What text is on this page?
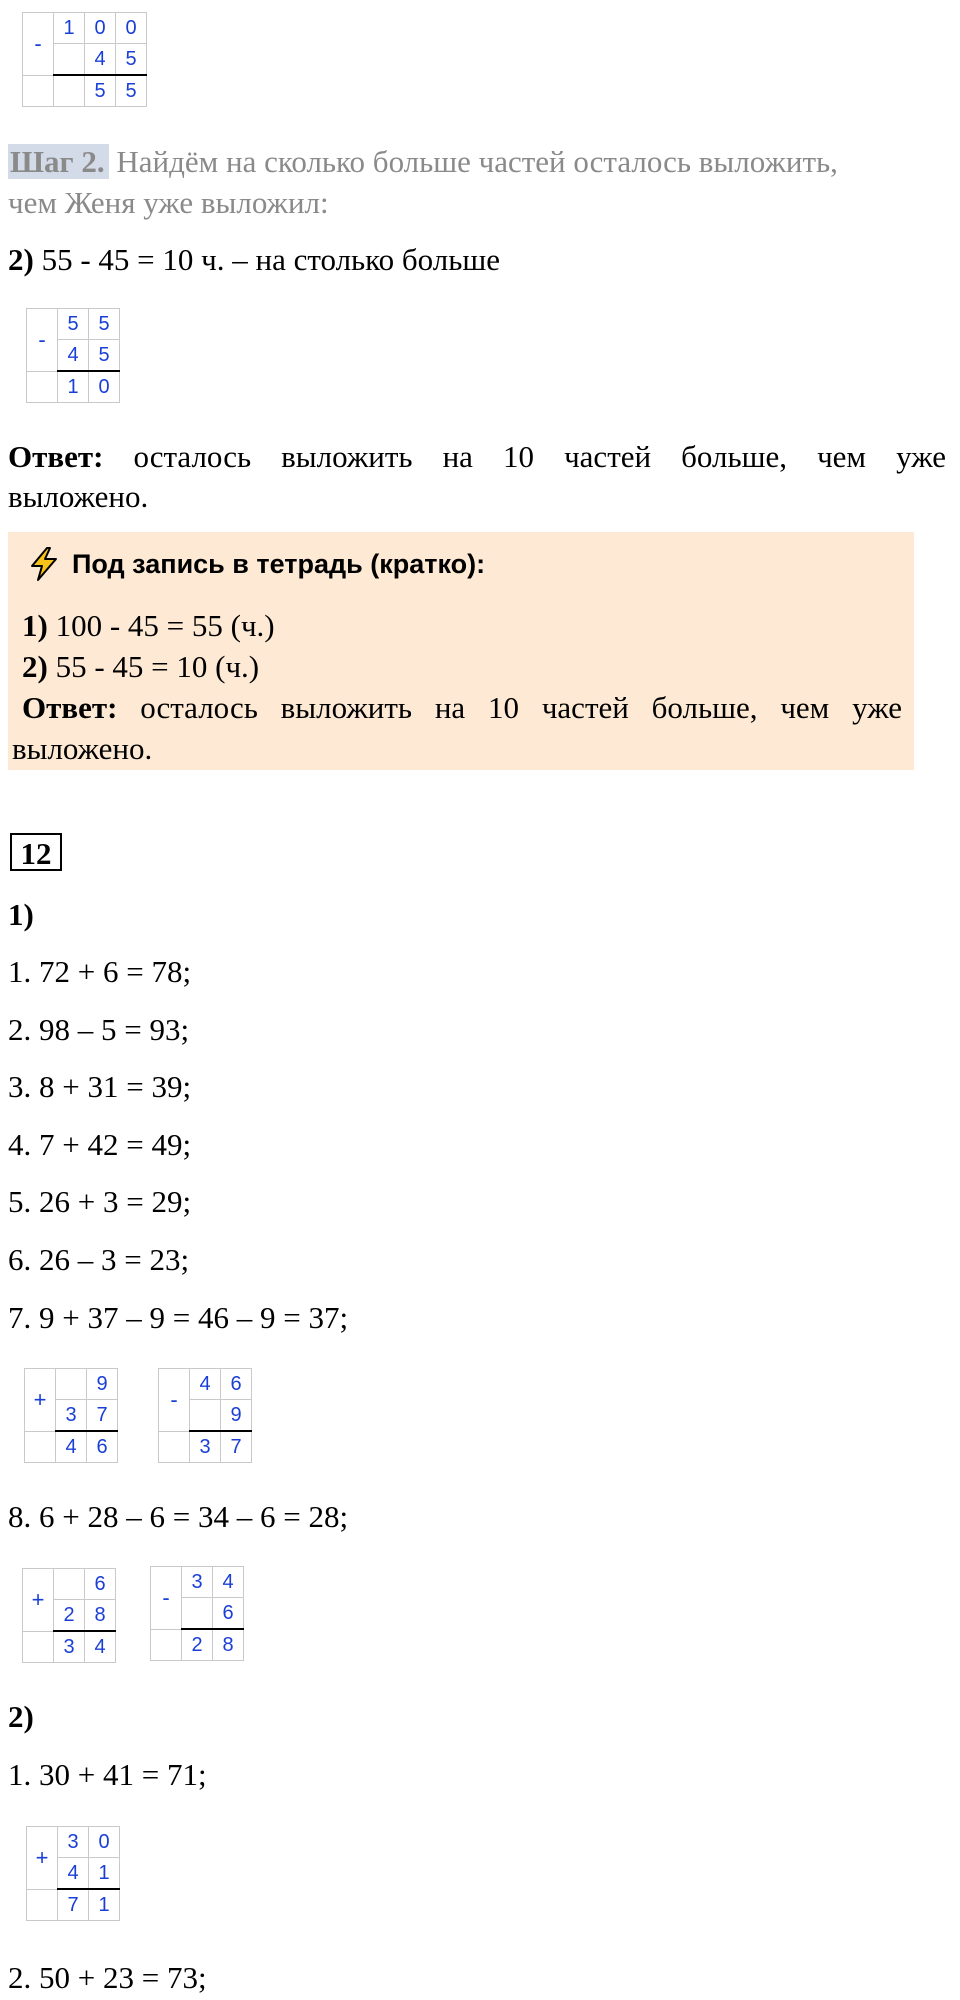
-	1	0	0
		4	5
		5	5
Шаг 2. Найдём на сколько больше частей осталось выложить,
чем Женя уже выложил:
2) 55 - 45 = 10 ч. – на столько больше
-	5	5
	4	5
	1	0
Ответ: осталось выложить на 10 частей больше, чем уже
выложено.
Под запись в тетрадь (кратко):
1) 100 - 45 = 55 (ч.)
2) 55 - 45 = 10 (ч.)
Ответ: осталось выложить на 10 частей больше, чем уже
выложено.
12
1)
1. 72 + 6 = 78;
2. 98 – 5 = 93;
3. 8 + 31 = 39;
4. 7 + 42 = 49;
5. 26 + 3 = 29;
6. 26 – 3 = 23;
7. 9 + 37 – 9 = 46 – 9 = 37;
+		9
	3	7
	4	6
-	4	6
		9
	3	7
8. 6 + 28 – 6 = 34 – 6 = 28;
+		6
	2	8
	3	4
-	3	4
		6
	2	8
2)
1. 30 + 41 = 71;
+	3	0
	4	1
	7	1
2. 50 + 23 = 73;
